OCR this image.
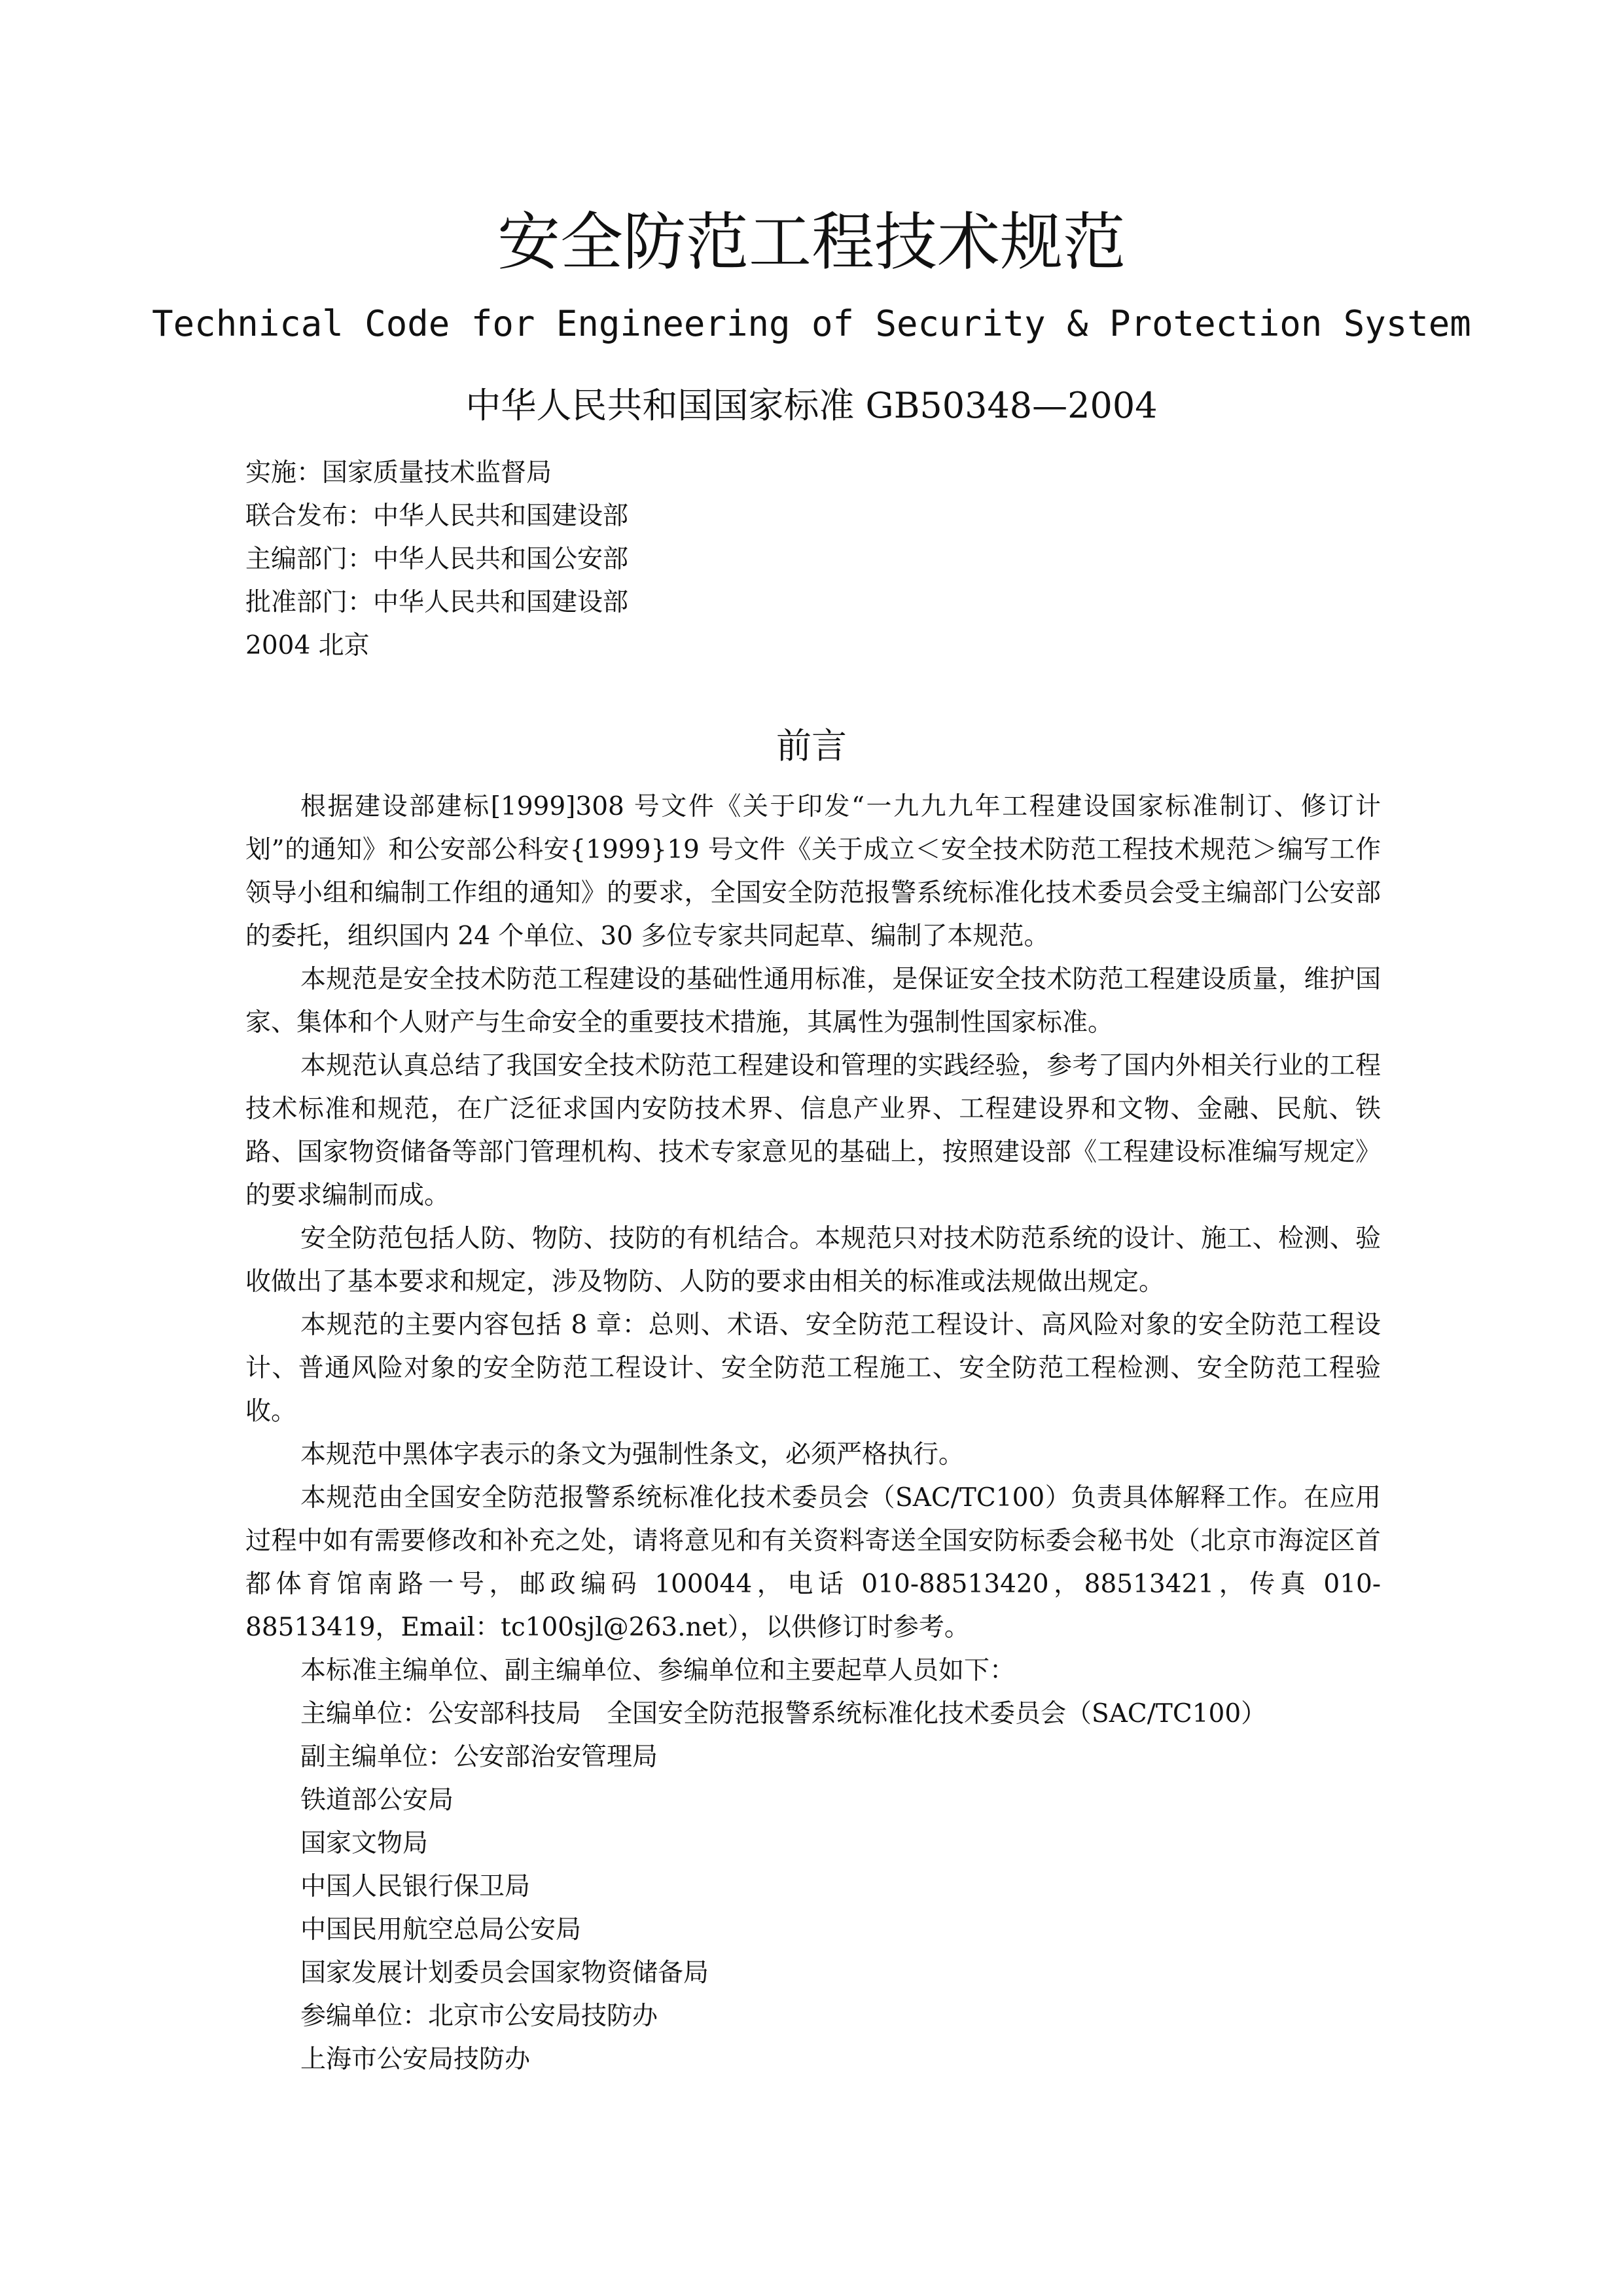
安全防范工程技术规范
Technical Code for Engineering of Security & Protection System
中华人民共和国国家标准 GB50348—2004
实施：国家质量技术监督局
联合发布：中华人民共和国建设部
主编部门：中华人民共和国公安部
批准部门：中华人民共和国建设部
2004 北京
前言

根据建设部建标[1999]308 号文件《关于印发“一九九九年工程建设国家标准制订、修订计划”的通知》和公安部公科安{1999}19 号文件《关于成立＜安全技术防范工程技术规范＞编写工作领导小组和编制工作组的通知》的要求，全国安全防范报警系统标准化技术委员会受主编部门公安部的委托，组织国内 24 个单位、30 多位专家共同起草、编制了本规范。

本规范是安全技术防范工程建设的基础性通用标准，是保证安全技术防范工程建设质量，维护国家、集体和个人财产与生命安全的重要技术措施，其属性为强制性国家标准。

本规范认真总结了我国安全技术防范工程建设和管理的实践经验，参考了国内外相关行业的工程技术标准和规范，在广泛征求国内安防技术界、信息产业界、工程建设界和文物、金融、民航、铁路、国家物资储备等部门管理机构、技术专家意见的基础上，按照建设部《工程建设标准编写规定》的要求编制而成。

安全防范包括人防、物防、技防的有机结合。本规范只对技术防范系统的设计、施工、检测、验收做出了基本要求和规定，涉及物防、人防的要求由相关的标准或法规做出规定。

本规范的主要内容包括 8 章：总则、术语、安全防范工程设计、高风险对象的安全防范工程设计、普通风险对象的安全防范工程设计、安全防范工程施工、安全防范工程检测、安全防范工程验收。

本规范中黑体字表示的条文为强制性条文，必须严格执行。

本规范由全国安全防范报警系统标准化技术委员会（SAC/TC100）负责具体解释工作。在应用过程中如有需要修改和补充之处，请将意见和有关资料寄送全国安防标委会秘书处（北京市海淀区首都体育馆南路一号，邮政编码 100044，电话 010-88513420，88513421，传真 010-88513419，Email：tc100sjl@263.net），以供修订时参考。

本标准主编单位、副主编单位、参编单位和主要起草人员如下：

主编单位：公安部科技局　全国安全防范报警系统标准化技术委员会（SAC/TC100）

副主编单位：公安部治安管理局

铁道部公安局

国家文物局

中国人民银行保卫局

中国民用航空总局公安局

国家发展计划委员会国家物资储备局

参编单位：北京市公安局技防办

上海市公安局技防办
